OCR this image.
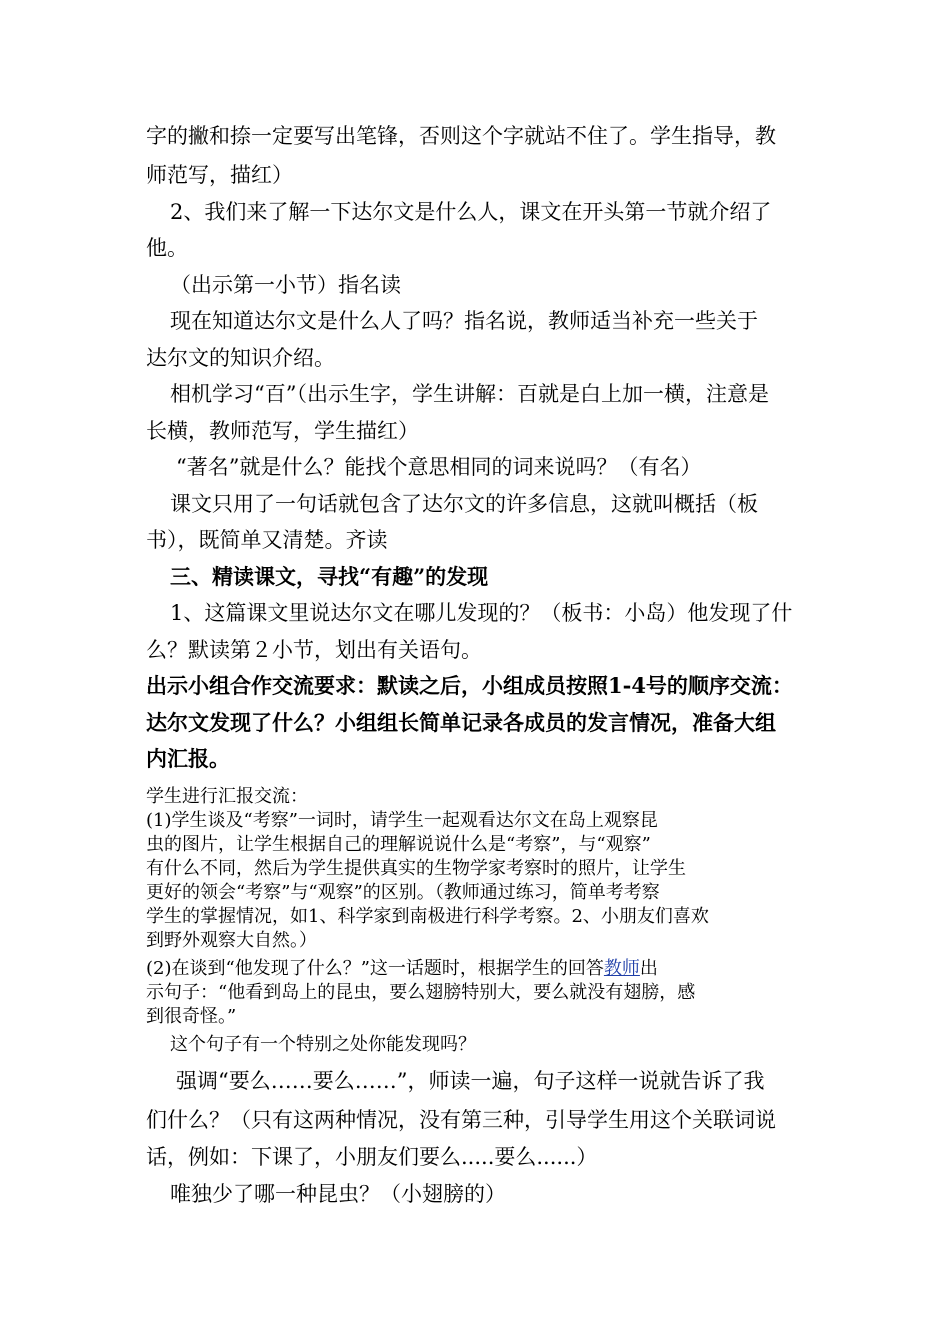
字的撇和捺一定要写出笔锋，否则这个字就站不住了。学生指导，教
师范写，描红）
2、我们来了解一下达尔文是什么人，课文在开头第一节就介绍了
他。
（出示第一小节）指名读
现在知道达尔文是什么人了吗？指名说，教师适当补充一些关于
达尔文的知识介绍。
相机学习“百”（出示生字，学生讲解：百就是白上加一横，注意是
长横，教师范写，学生描红）
“著名”就是什么？能找个意思相同的词来说吗？（有名）
课文只用了一句话就包含了达尔文的许多信息，这就叫概括（板
书），既简单又清楚。齐读
三、精读课文，寻找“有趣”的发现
1、这篇课文里说达尔文在哪儿发现的？（板书：小岛）他发现了什
么？默读第２小节，划出有关语句。
出示小组合作交流要求：默读之后，小组成员按照1-4号的顺序交流：
达尔文发现了什么？小组组长简单记录各成员的发言情况，准备大组
内汇报。
学生进行汇报交流：
(1)学生谈及“考察”一词时，请学生一起观看达尔文在岛上观察昆
虫的图片，让学生根据自己的理解说说什么是“考察”，与“观察”
有什么不同，然后为学生提供真实的生物学家考察时的照片，让学生
更好的领会“考察”与“观察”的区别。（教师通过练习，简单考考察
学生的掌握情况，如1、科学家到南极进行科学考察。2、小朋友们喜欢
到野外观察大自然。）
(2)在谈到“他发现了什么？”这一话题时，根据学生的回答教师出
示句子：“他看到岛上的昆虫，要么翅膀特别大，要么就没有翅膀，感
到很奇怪。”
这个句子有一个特别之处你能发现吗？
强调“要么……要么……”，师读一遍，句子这样一说就告诉了我
们什么？（只有这两种情况，没有第三种，引导学生用这个关联词说
话，例如：下课了，小朋友们要么.....要么......）
唯独少了哪一种昆虫？（小翅膀的）
